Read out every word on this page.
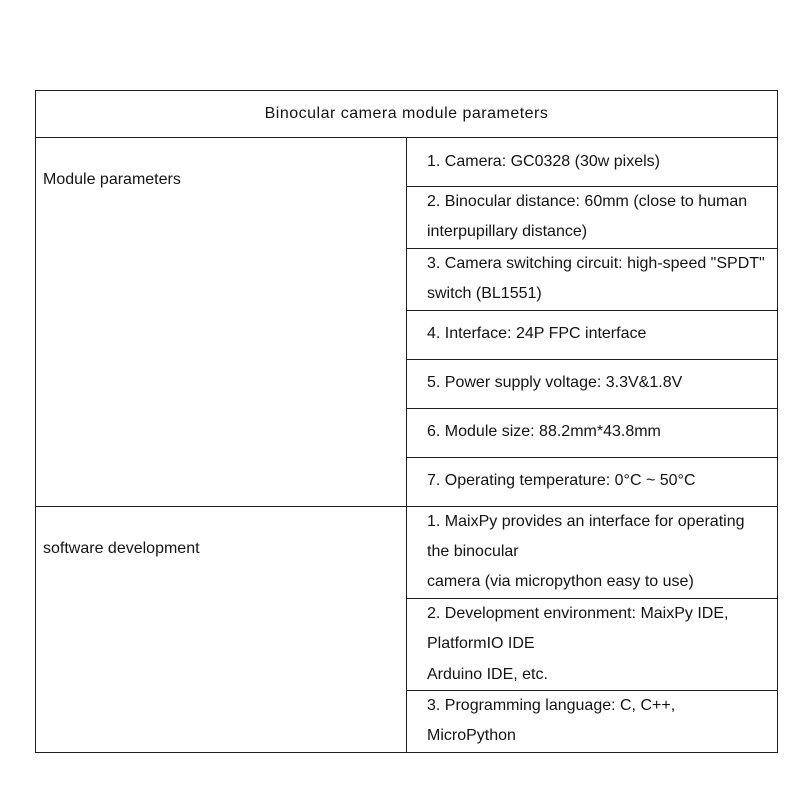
Binocular camera module parameters	
Module parameters	1. Camera: GC0328 (30w pixels)

	2. Binocular distance: 60mm (close to human interpupillary distance)

	3. Camera switching circuit: high-speed "SPDT" switch (BL1551)

	4. Interface: 24P FPC interface

	5. Power supply voltage: 3.3V&1.8V

	6. Module size: 88.2mm*43.8mm

	7. Operating temperature: 0°C ~ 50°C

software development	1. MaixPy provides an interface for operating the binocular
camera (via micropython easy to use)

	2. Development environment: MaixPy IDE, PlatformIO IDE
Arduino IDE, etc.

	3. Programming language: C, C++, MicroPython
